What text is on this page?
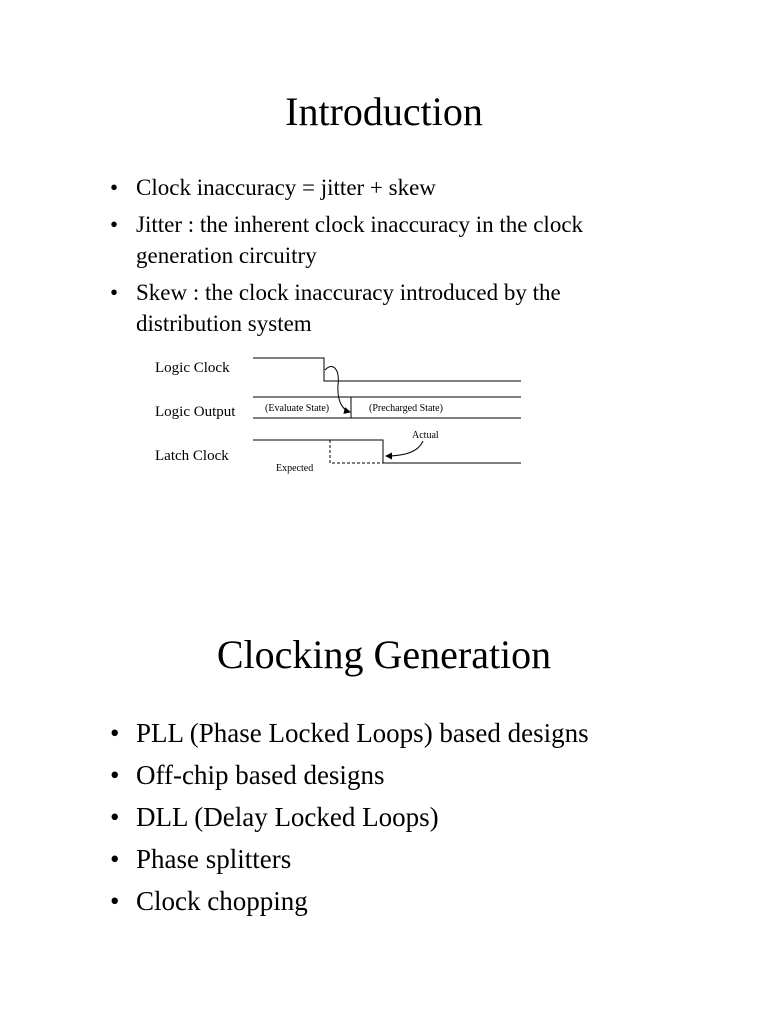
Introduction
• Clock inaccuracy = jitter + skew
• Jitter : the inherent clock inaccuracy in the clock generation circuitry
• Skew : the clock inaccuracy introduced by the distribution system
Logic Clock
Logic Output
Latch Clock
(Evaluate State)	(Precharged State)
Actual
Expected
Clocking Generation
• PLL (Phase Locked Loops) based designs
• Off-chip based designs
• DLL (Delay Locked Loops)
• Phase splitters
• Clock chopping
